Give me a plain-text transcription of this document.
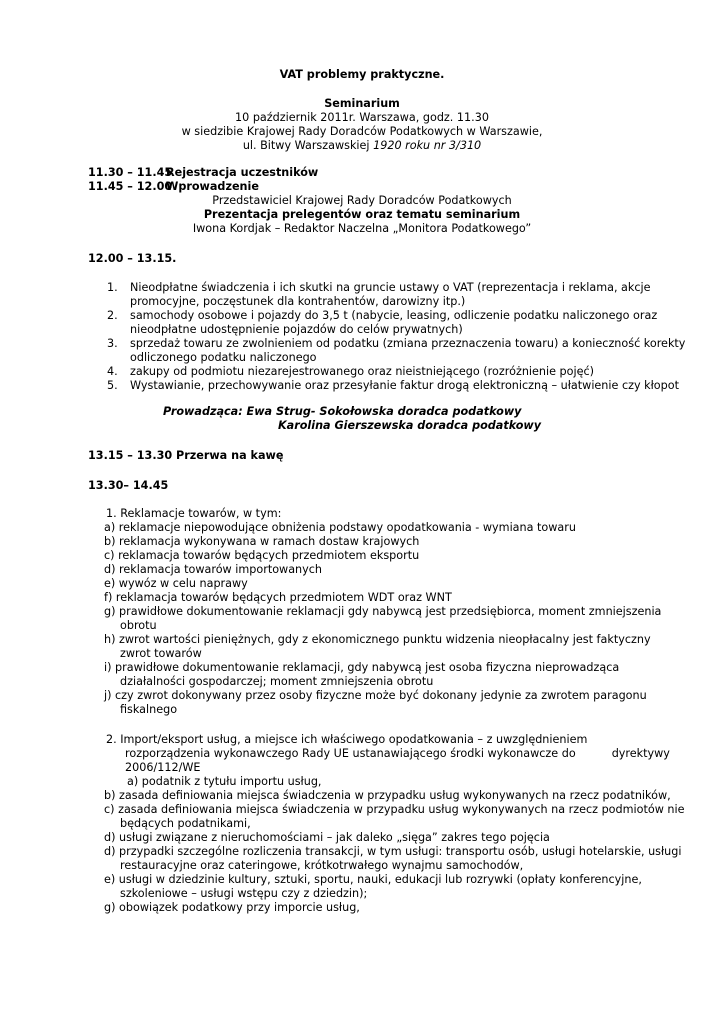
VAT problemy praktyczne.
Seminarium
10 październik 2011r. Warszawa, godz. 11.30
w siedzibie Krajowej Rady Doradców Podatkowych w Warszawie,
ul. Bitwy Warszawskiej 1920 roku nr 3/310
11.30 – 11.45Rejestracja uczestników
11.45 – 12.00Wprowadzenie
Przedstawiciel Krajowej Rady Doradców Podatkowych
Prezentacja prelegentów oraz tematu seminarium
Iwona Kordjak – Redaktor Naczelna „Monitora Podatkowego”
12.00 – 13.15.
1. Nieodpłatne świadczenia i ich skutki na gruncie ustawy o VAT (reprezentacja i reklama, akcje promocyjne, poczęstunek dla kontrahentów, darowizny itp.)
2. samochody osobowe i pojazdy do 3,5 t (nabycie, leasing, odliczenie podatku naliczonego oraz nieodpłatne udostępnienie pojazdów do celów prywatnych)
3. sprzedaż towaru ze zwolnieniem od podatku (zmiana przeznaczenia towaru) a konieczność korekty odliczonego podatku naliczonego
4. zakupy od podmiotu niezarejestrowanego oraz nieistniejącego (rozróżnienie pojęć)
5. Wystawianie, przechowywanie oraz przesyłanie faktur drogą elektroniczną – ułatwienie czy kłopot
Prowadząca: Ewa Strug- Sokołowska doradca podatkowy
Karolina Gierszewska doradca podatkowy
13.15 – 13.30 Przerwa na kawę
13.30– 14.45
1. Reklamacje towarów, w tym:
a) reklamacje niepowodujące obniżenia podstawy opodatkowania - wymiana towaru
b) reklamacja wykonywana w ramach dostaw krajowych
c) reklamacja towarów będących przedmiotem eksportu
d) reklamacja towarów importowanych
e) wywóz w celu naprawy
f) reklamacja towarów będących przedmiotem WDT oraz WNT
g) prawidłowe dokumentowanie reklamacji gdy nabywcą jest przedsiębiorca, moment zmniejszenia
obrotu
h) zwrot wartości pieniężnych, gdy z ekonomicznego punktu widzenia nieopłacalny jest faktyczny
zwrot towarów
i) prawidłowe dokumentowanie reklamacji, gdy nabywcą jest osoba fizyczna nieprowadząca
działalności gospodarczej; moment zmniejszenia obrotu
j) czy zwrot dokonywany przez osoby fizyczne może być dokonany jedynie za zwrotem paragonu
fiskalnego
2. Import/eksport usług, a miejsce ich właściwego opodatkowania – z uwzględnieniem
rozporządzenia wykonawczego Rady UE ustanawiającego środki wykonawcze do	dyrektywy
2006/112/WE
a) podatnik z tytułu importu usług,
b) zasada definiowania miejsca świadczenia w przypadku usług wykonywanych na rzecz podatników,
c) zasada definiowania miejsca świadczenia w przypadku usług wykonywanych na rzecz podmiotów nie
będących podatnikami,
d) usługi związane z nieruchomościami – jak daleko „sięga” zakres tego pojęcia
d) przypadki szczególne rozliczenia transakcji, w tym usługi: transportu osób, usługi hotelarskie, usługi
restauracyjne oraz cateringowe, krótkotrwałego wynajmu samochodów,
e) usługi w dziedzinie kultury, sztuki, sportu, nauki, edukacji lub rozrywki (opłaty konferencyjne,
szkoleniowe – usługi wstępu czy z dziedzin);
g) obowiązek podatkowy przy imporcie usług,
